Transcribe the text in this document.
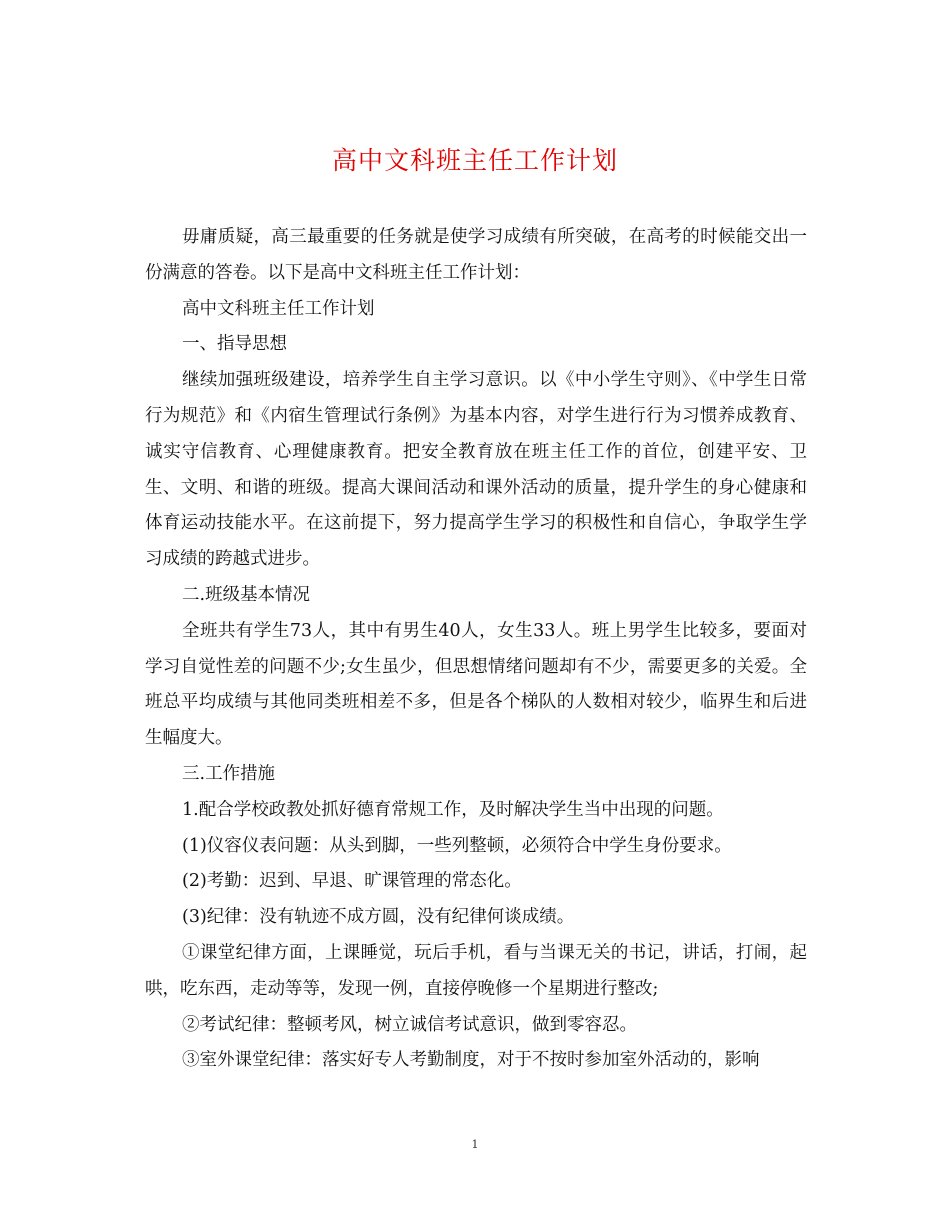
高中文科班主任工作计划

毋庸质疑，高三最重要的任务就是使学习成绩有所突破，在高考的时候能交出一份满意的答卷。以下是高中文科班主任工作计划：

高中文科班主任工作计划

一、指导思想

继续加强班级建设，培养学生自主学习意识。以《中小学生守则》、《中学生日常行为规范》和《内宿生管理试行条例》为基本内容，对学生进行行为习惯养成教育、诚实守信教育、心理健康教育。把安全教育放在班主任工作的首位，创建平安、卫生、文明、和谐的班级。提高大课间活动和课外活动的质量，提升学生的身心健康和体育运动技能水平。在这前提下，努力提高学生学习的积极性和自信心，争取学生学习成绩的跨越式进步。

二.班级基本情况

全班共有学生73人，其中有男生40人，女生33人。班上男学生比较多，要面对学习自觉性差的问题不少;女生虽少，但思想情绪问题却有不少，需要更多的关爱。全班总平均成绩与其他同类班相差不多，但是各个梯队的人数相对较少，临界生和后进生幅度大。

三.工作措施

1.配合学校政教处抓好德育常规工作，及时解决学生当中出现的问题。

(1)仪容仪表问题：从头到脚，一些列整顿，必须符合中学生身份要求。

(2)考勤：迟到、早退、旷课管理的常态化。

(3)纪律：没有轨迹不成方圆，没有纪律何谈成绩。

①课堂纪律方面，上课睡觉，玩后手机，看与当课无关的书记，讲话，打闹，起哄，吃东西，走动等等，发现一例，直接停晚修一个星期进行整改;

②考试纪律：整顿考风，树立诚信考试意识，做到零容忍。

③室外课堂纪律：落实好专人考勤制度，对于不按时参加室外活动的，影响

1
